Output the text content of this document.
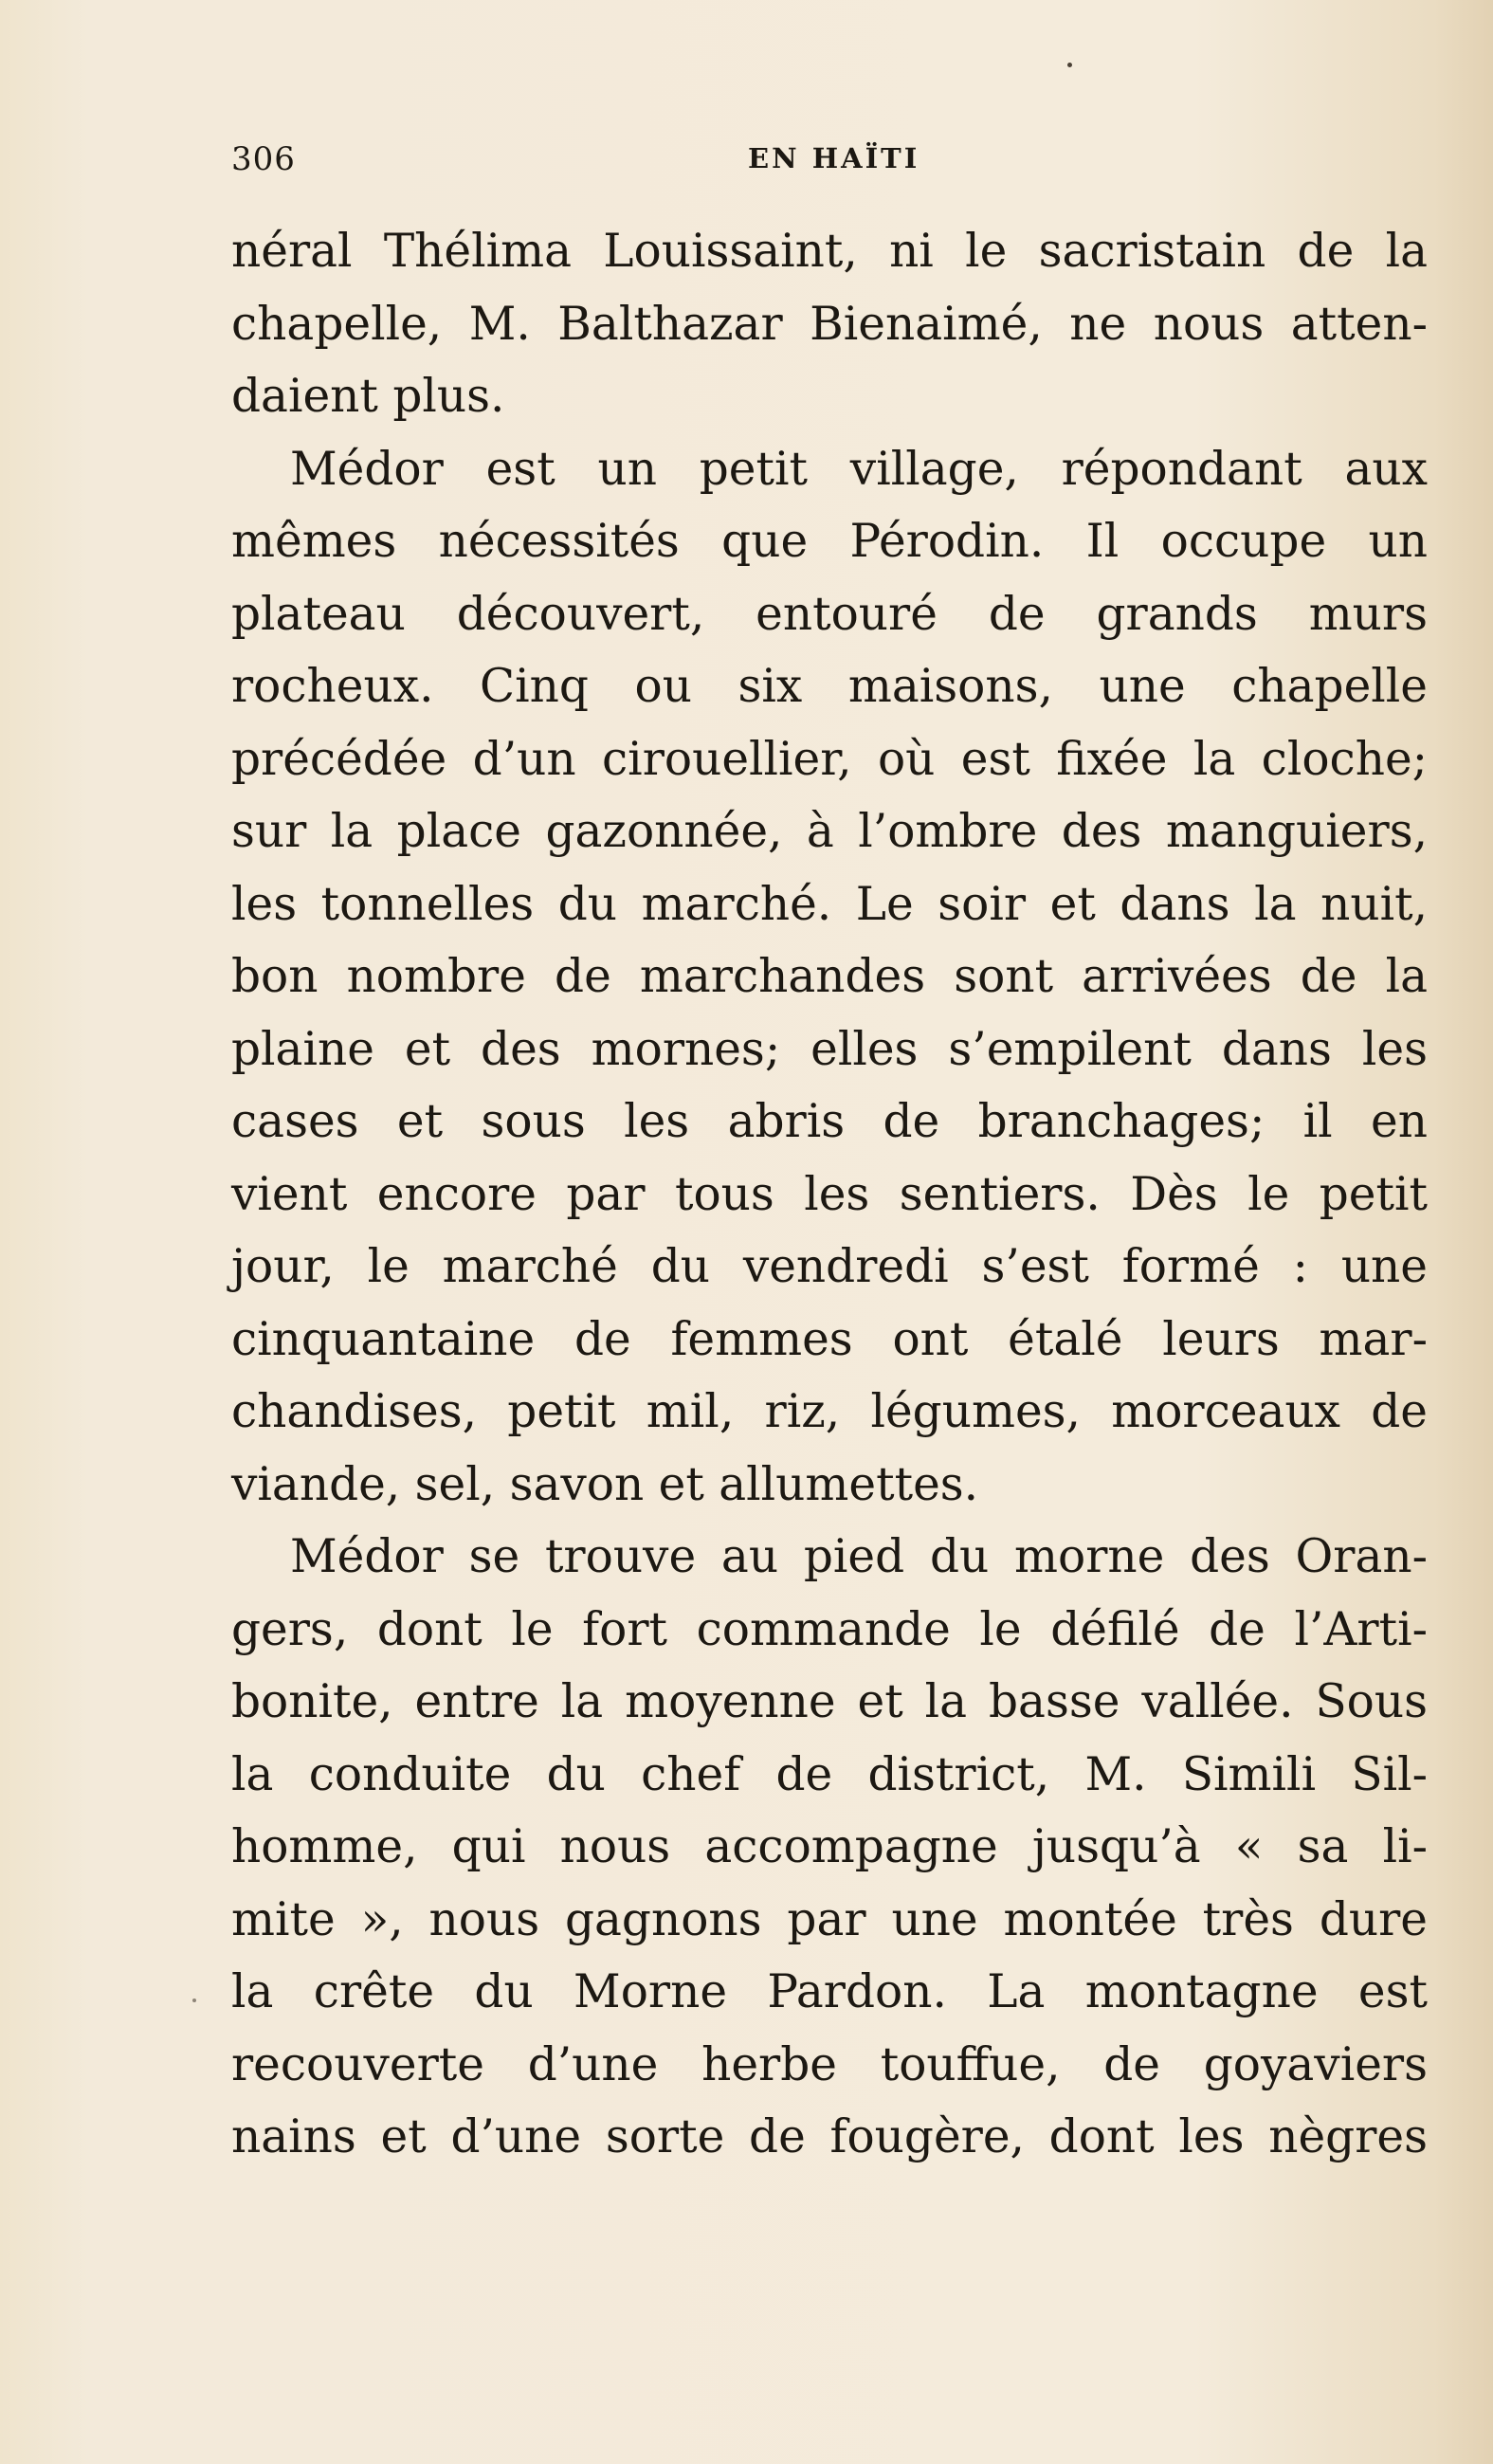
306	EN HAÏTI

néral Thélima Louissaint, ni le sacristain de la
chapelle, M. Balthazar Bienaimé, ne nous atten-
daient plus.

Médor est un petit village, répondant aux
mêmes nécessités que Pérodin. Il occupe un
plateau découvert, entouré de grands murs
rocheux. Cinq ou six maisons, une chapelle
précédée d’un cirouellier, où est fixée la cloche;
sur la place gazonnée, à l’ombre des manguiers,
les tonnelles du marché. Le soir et dans la nuit,
bon nombre de marchandes sont arrivées de la
plaine et des mornes; elles s’empilent dans les
cases et sous les abris de branchages; il en
vient encore par tous les sentiers. Dès le petit
jour, le marché du vendredi s’est formé : une
cinquantaine de femmes ont étalé leurs mar-
chandises, petit mil, riz, légumes, morceaux de
viande, sel, savon et allumettes.

Médor se trouve au pied du morne des Oran-
gers, dont le fort commande le défilé de l’Arti-
bonite, entre la moyenne et la basse vallée. Sous
la conduite du chef de district, M. Simili Sil-
homme, qui nous accompagne jusqu’à « sa li-
mite », nous gagnons par une montée très dure
la crête du Morne Pardon. La montagne est
recouverte d’une herbe touffue, de goyaviers
nains et d’une sorte de fougère, dont les nègres
